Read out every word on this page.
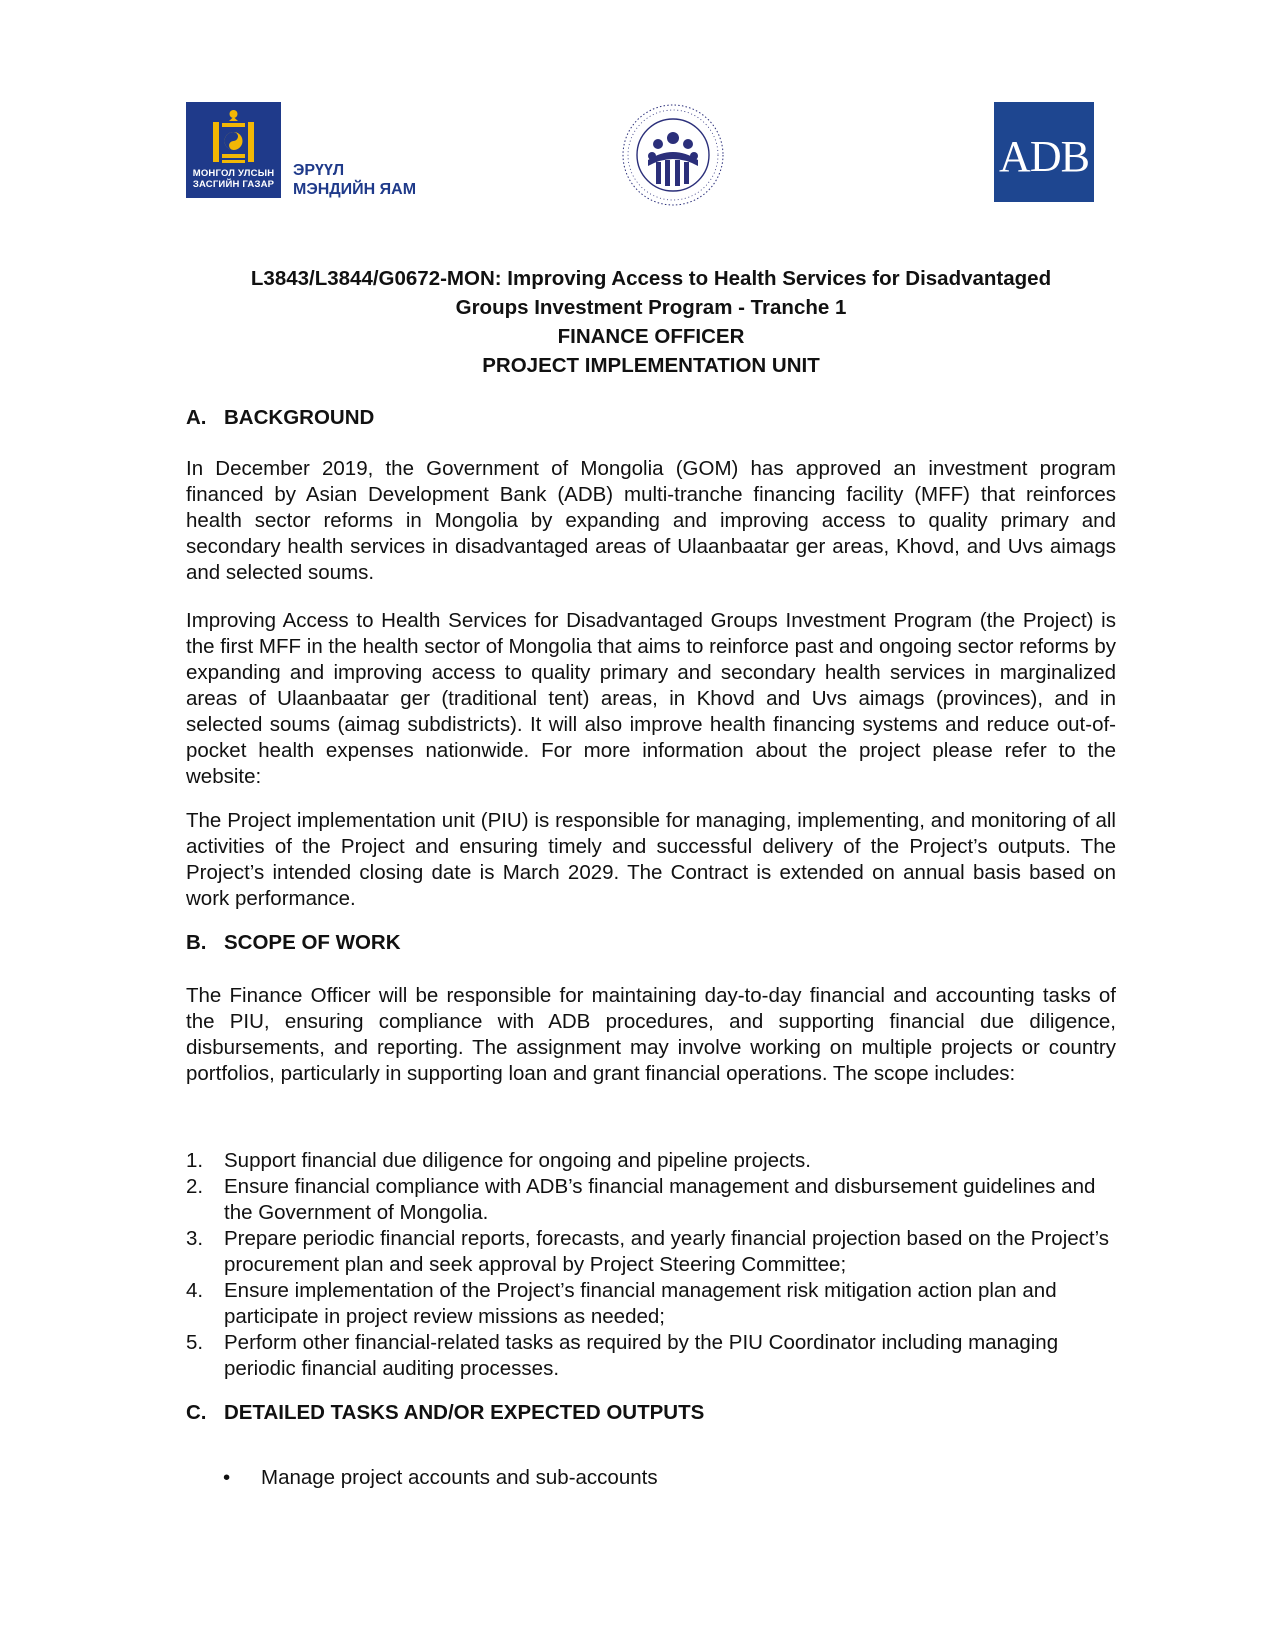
МОНГОЛ УЛСЫН ЗАСГИЙН ГАЗАР
ЭРҮҮЛ
МЭНДИЙН ЯАМ
ADB
L3843/L3844/G0672-MON: Improving Access to Health Services for Disadvantaged
Groups Investment Program - Tranche 1
FINANCE OFFICER
PROJECT IMPLEMENTATION UNIT
A. BACKGROUND
In December 2019, the Government of Mongolia (GOM) has approved an investment program financed by Asian Development Bank (ADB) multi-tranche financing facility (MFF) that reinforces health sector reforms in Mongolia by expanding and improving access to quality primary and secondary health services in disadvantaged areas of Ulaanbaatar ger areas, Khovd, and Uvs aimags and selected soums.
Improving Access to Health Services for Disadvantaged Groups Investment Program (the Project) is the first MFF in the health sector of Mongolia that aims to reinforce past and ongoing sector reforms by expanding and improving access to quality primary and secondary health services in marginalized areas of Ulaanbaatar ger (traditional tent) areas, in Khovd and Uvs aimags (provinces), and in selected soums (aimag subdistricts). It will also improve health financing systems and reduce out-of-pocket health expenses nationwide. For more information about the project please refer to the website:
The Project implementation unit (PIU) is responsible for managing, implementing, and monitoring of all activities of the Project and ensuring timely and successful delivery of the Project’s outputs. The Project’s intended closing date is March 2029. The Contract is extended on annual basis based on work performance.
B. SCOPE OF WORK
The Finance Officer will be responsible for maintaining day-to-day financial and accounting tasks of the PIU, ensuring compliance with ADB procedures, and supporting financial due diligence, disbursements, and reporting. The assignment may involve working on multiple projects or country portfolios, particularly in supporting loan and grant financial operations. The scope includes:
1. Support financial due diligence for ongoing and pipeline projects.
2. Ensure financial compliance with ADB’s financial management and disbursement guidelines and the Government of Mongolia.
3. Prepare periodic financial reports, forecasts, and yearly financial projection based on the Project’s procurement plan and seek approval by Project Steering Committee;
4. Ensure implementation of the Project’s financial management risk mitigation action plan and participate in project review missions as needed;
5. Perform other financial-related tasks as required by the PIU Coordinator including managing periodic financial auditing processes.
C. DETAILED TASKS AND/OR EXPECTED OUTPUTS
• Manage project accounts and sub-accounts
